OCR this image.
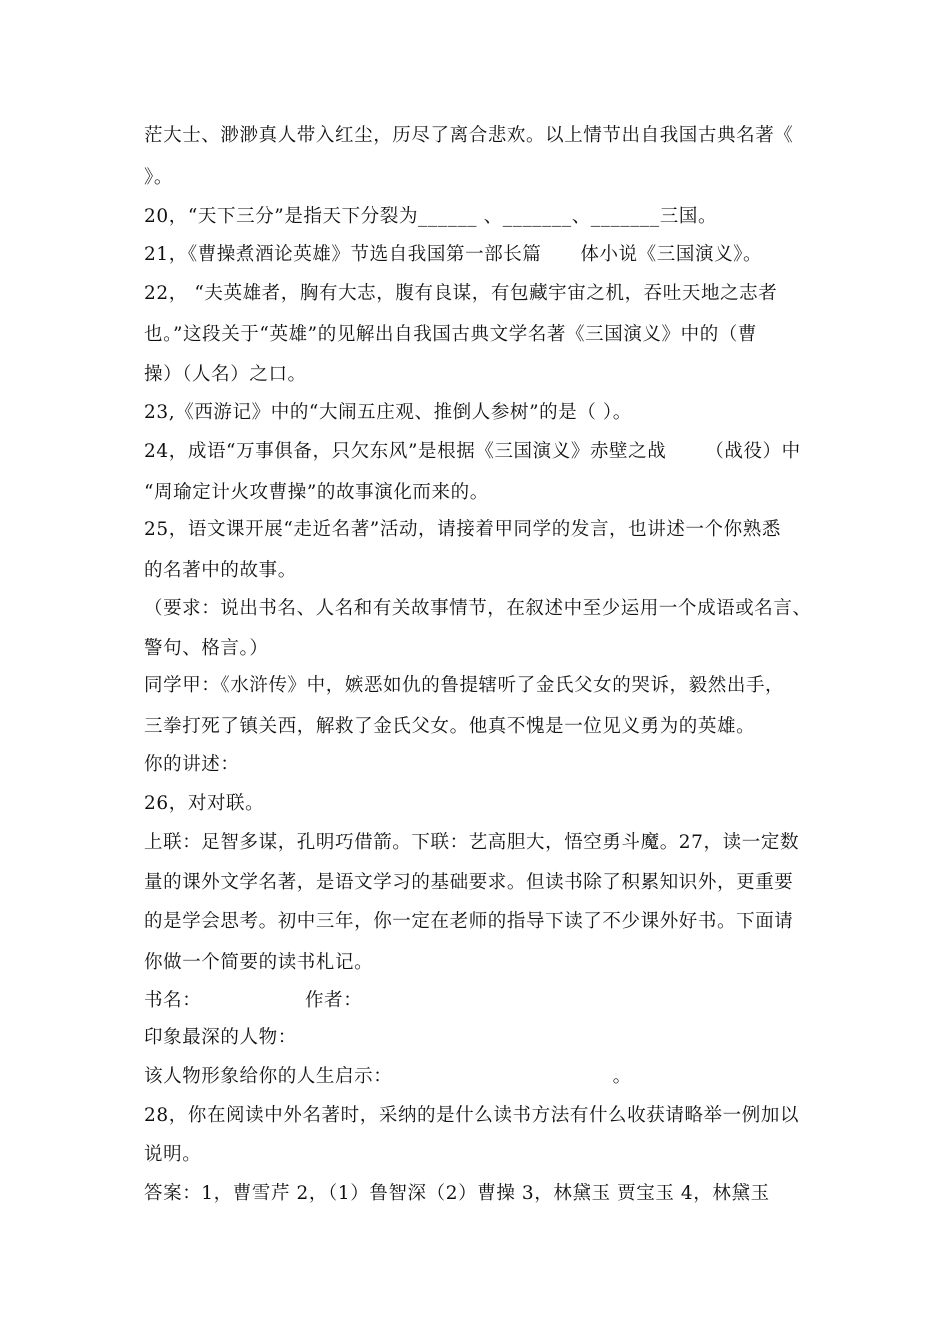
茫大士、渺渺真人带入红尘，历尽了离合悲欢。以上情节出自我国古典名著《
》。
20，“天下三分”是指天下分裂为______ 、_______、_______三国。
21，《曹操煮酒论英雄》节选自我国第一部长篇      体小说《三国演义》。
22， “夫英雄者，胸有大志，腹有良谋，有包藏宇宙之机，吞吐天地之志者
也。”这段关于“英雄”的见解出自我国古典文学名著《三国演义》中的（曹
操）（人名）之口。
23,《西游记》中的“大闹五庄观、推倒人参树”的是（ ）。
24，成语“万事俱备，只欠东风”是根据《三国演义》赤壁之战      （战役）中
“周瑜定计火攻曹操”的故事演化而来的。
25，语文课开展“走近名著”活动，请接着甲同学的发言，也讲述一个你熟悉
的名著中的故事。
（要求：说出书名、人名和有关故事情节，在叙述中至少运用一个成语或名言、
警句、格言。）
同学甲：《水浒传》中，嫉恶如仇的鲁提辖听了金氏父女的哭诉，毅然出手，
三拳打死了镇关西，解救了金氏父女。他真不愧是一位见义勇为的英雄。
你的讲述：
26，对对联。
上联：足智多谋，孔明巧借箭。下联：艺高胆大，悟空勇斗魔。27，读一定数
量的课外文学名著，是语文学习的基础要求。但读书除了积累知识外，更重要
的是学会思考。初中三年，你一定在老师的指导下读了不少课外好书。下面请
你做一个简要的读书札记。
书名：                作者：
印象最深的人物：
该人物形象给你的人生启示：                                  。
28，你在阅读中外名著时，采纳的是什么读书方法有什么收获请略举一例加以
说明。
答案：1，曹雪芹 2，（1）鲁智深（2）曹操 3，林黛玉 贾宝玉 4，林黛玉
